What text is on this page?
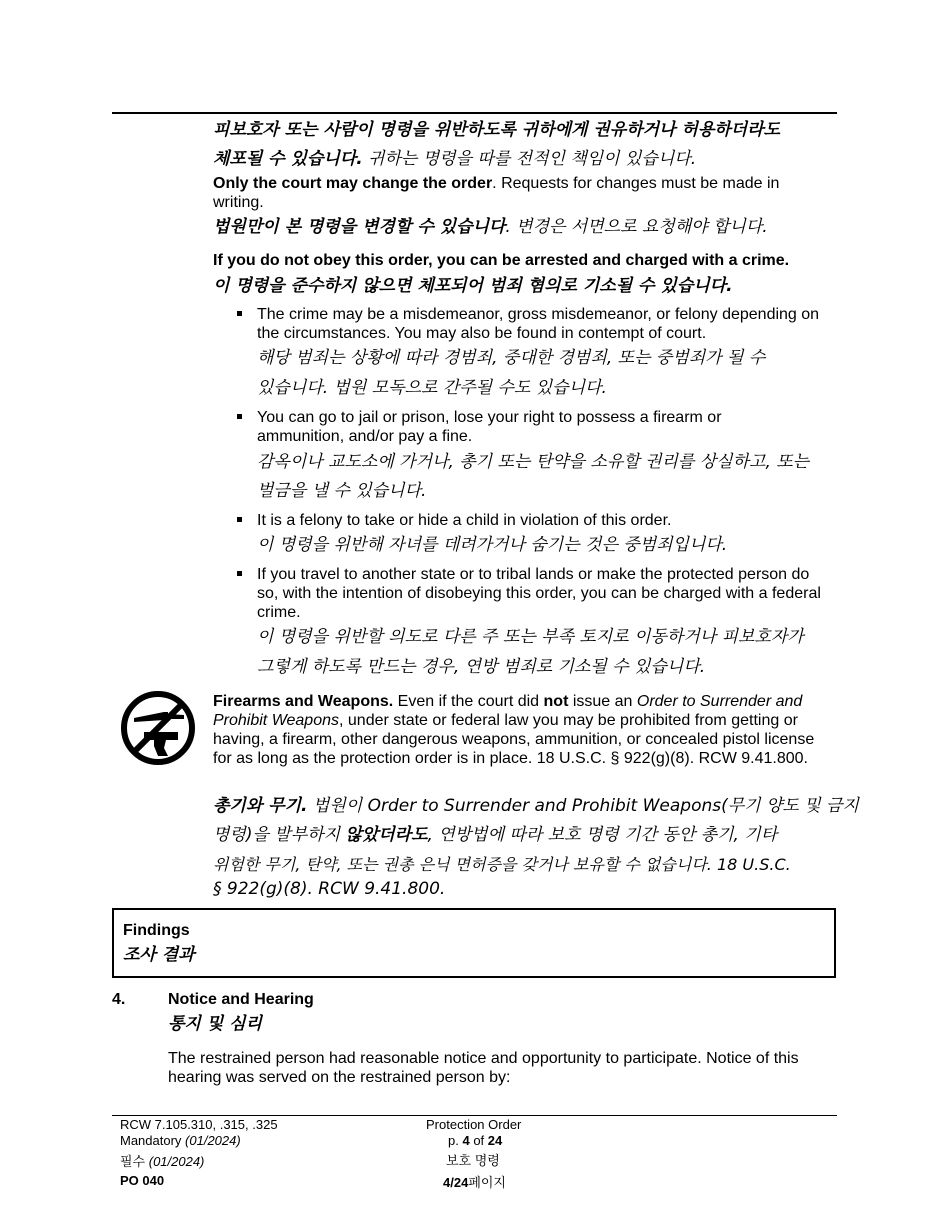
피보호자 또는 사람이 명령을 위반하도록 귀하에게 권유하거나 허용하더라도
체포될 수 있습니다. 귀하는 명령을 따를 전적인 책임이 있습니다.
Only the court may change the order. Requests for changes must be made in writing.
법원만이 본 명령을 변경할 수 있습니다. 변경은 서면으로 요청해야 합니다.
If you do not obey this order, you can be arrested and charged with a crime.
이 명령을 준수하지 않으면 체포되어 범죄 혐의로 기소될 수 있습니다.
The crime may be a misdemeanor, gross misdemeanor, or felony depending on the circumstances. You may also be found in contempt of court.
해당 범죄는 상황에 따라 경범죄, 중대한 경범죄, 또는 중범죄가 될 수
있습니다. 법원 모독으로 간주될 수도 있습니다.
You can go to jail or prison, lose your right to possess a firearm or ammunition, and/or pay a fine.
감옥이나 교도소에 가거나, 총기 또는 탄약을 소유할 권리를 상실하고, 또는
벌금을 낼 수 있습니다.
It is a felony to take or hide a child in violation of this order.
이 명령을 위반해 자녀를 데려가거나 숨기는 것은 중범죄입니다.
If you travel to another state or to tribal lands or make the protected person do so, with the intention of disobeying this order, you can be charged with a federal crime.
이 명령을 위반할 의도로 다른 주 또는 부족 토지로 이동하거나 피보호자가
그렇게 하도록 만드는 경우, 연방 범죄로 기소될 수 있습니다.
Firearms and Weapons. Even if the court did not issue an Order to Surrender and Prohibit Weapons, under state or federal law you may be prohibited from getting or having, a firearm, other dangerous weapons, ammunition, or concealed pistol license for as long as the protection order is in place. 18 U.S.C. § 922(g)(8). RCW 9.41.800.
총기와 무기. 법원이 Order to Surrender and Prohibit Weapons(무기 양도 및 금지
명령)을 발부하지 않았더라도, 연방법에 따라 보호 명령 기간 동안 총기, 기타
위험한 무기, 탄약, 또는 권총 은닉 면허증을 갖거나 보유할 수 없습니다. 18 U.S.C.
§ 922(g)(8). RCW 9.41.800.
Findings
조사 결과
4.	Notice and Hearing
통지 및 심리
The restrained person had reasonable notice and opportunity to participate. Notice of this hearing was served on the restrained person by:
RCW 7.105.310, .315, .325
Mandatory (01/2024)
필수 (01/2024)
PO 040
Protection Order
p. 4 of 24
보호 명령
4/24페이지
